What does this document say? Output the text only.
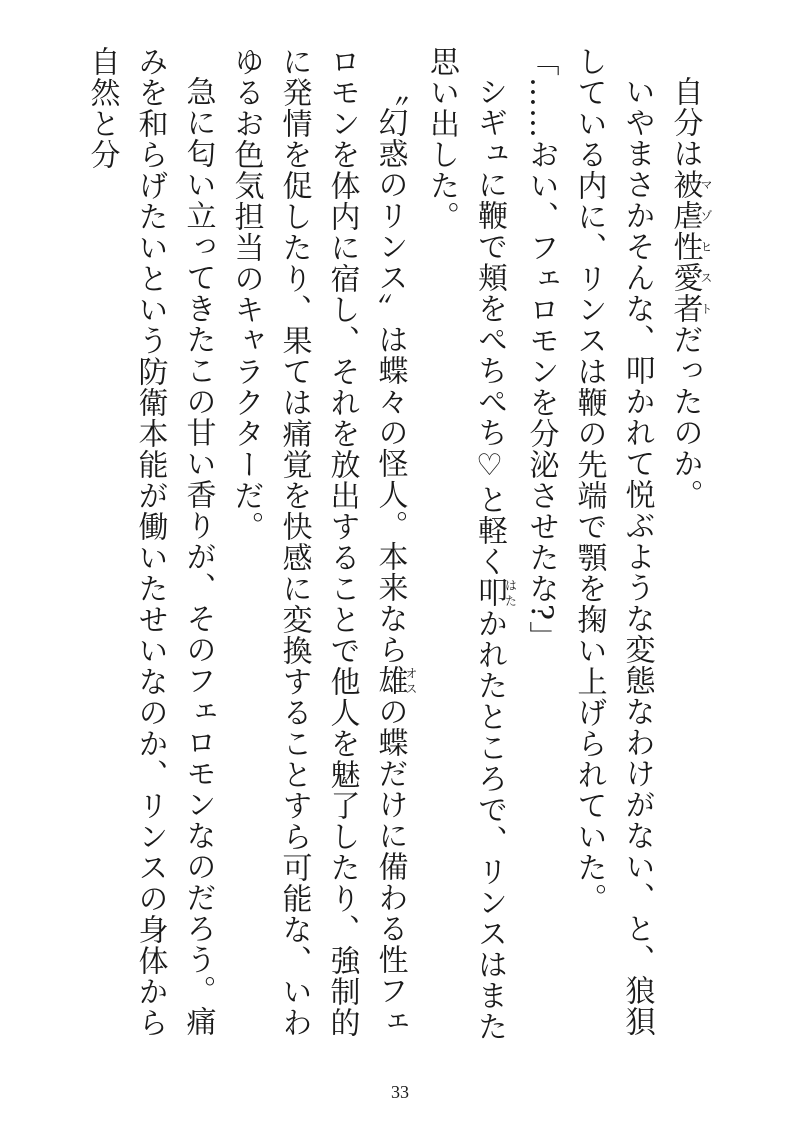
自分は被虐性愛者マゾヒストだったのか。

いやまさかそんな、叩かれて悦ぶような変態なわけがない、と、狼狽している内に、リンスは鞭の先端で顎を掬い上げられていた。

「……おい、フェロモンを分泌させたな?」

シギュに鞭で頬をぺちぺち♡と軽く叩はたかれたところで、リンスはまた思い出した。

〝幻惑のリンス〟は蝶々の怪人。本来なら雄オスの蝶だけに備わる性フェロモンを体内に宿し、それを放出することで他人を魅了したり、強制的に発情を促したり、果ては痛覚を快感に変換することすら可能な、いわゆるお色気担当のキャラクターだ。

急に匂い立ってきたこの甘い香りが、そのフェロモンなのだろう。痛みを和らげたいという防衛本能が働いたせいなのか、リンスの身体から自然と分

33
